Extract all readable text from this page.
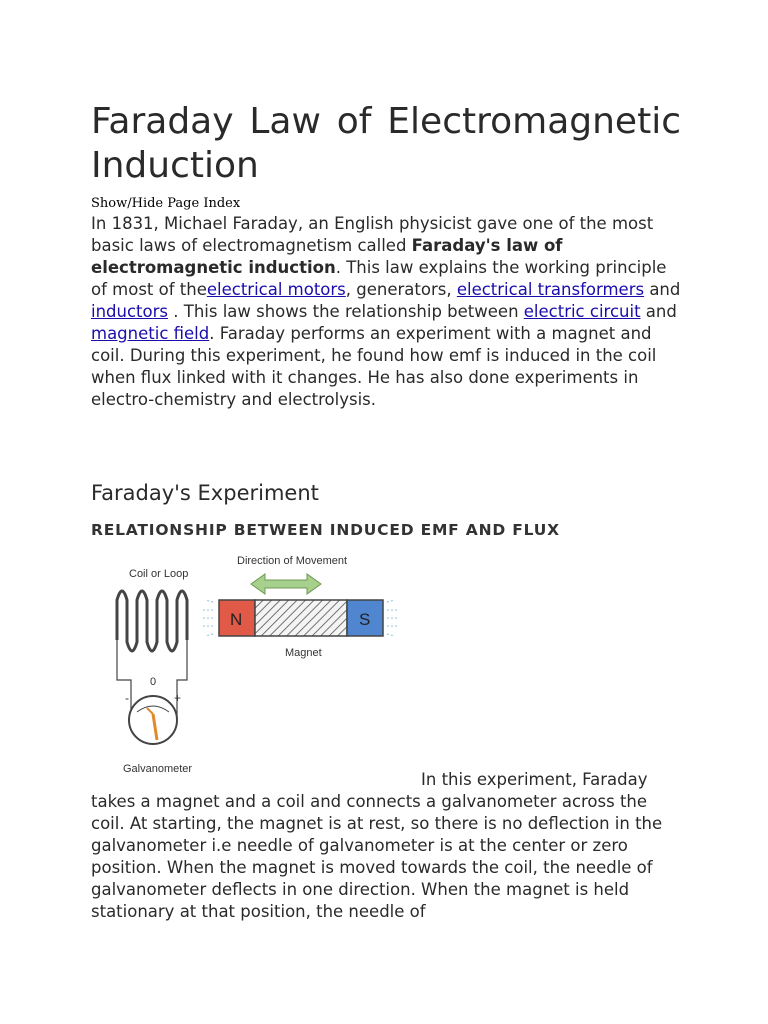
Faraday Law of Electromagnetic Induction
Show/Hide Page Index

In 1831, Michael Faraday, an English physicist gave one of the most basic laws of electromagnetism called Faraday's law of electromagnetic induction. This law explains the working principle of most of theelectrical motors, generators, electrical transformers and inductors . This law shows the relationship between electric circuit and magnetic field. Faraday performs an experiment with a magnet and coil. During this experiment, he found how emf is induced in the coil when flux linked with it changes. He has also done experiments in electro-chemistry and electrolysis.

Faraday's Experiment
RELATIONSHIP BETWEEN INDUCED EMF AND FLUX
Coil or Loop
0
-	+
Galvanometer
Direction of Movement
N	S
Magnet

In this experiment, Faraday takes a magnet and a coil and connects a galvanometer across the coil. At starting, the magnet is at rest, so there is no deflection in the galvanometer i.e needle of galvanometer is at the center or zero position. When the magnet is moved towards the coil, the needle of galvanometer deflects in one direction. When the magnet is held stationary at that position, the needle of
